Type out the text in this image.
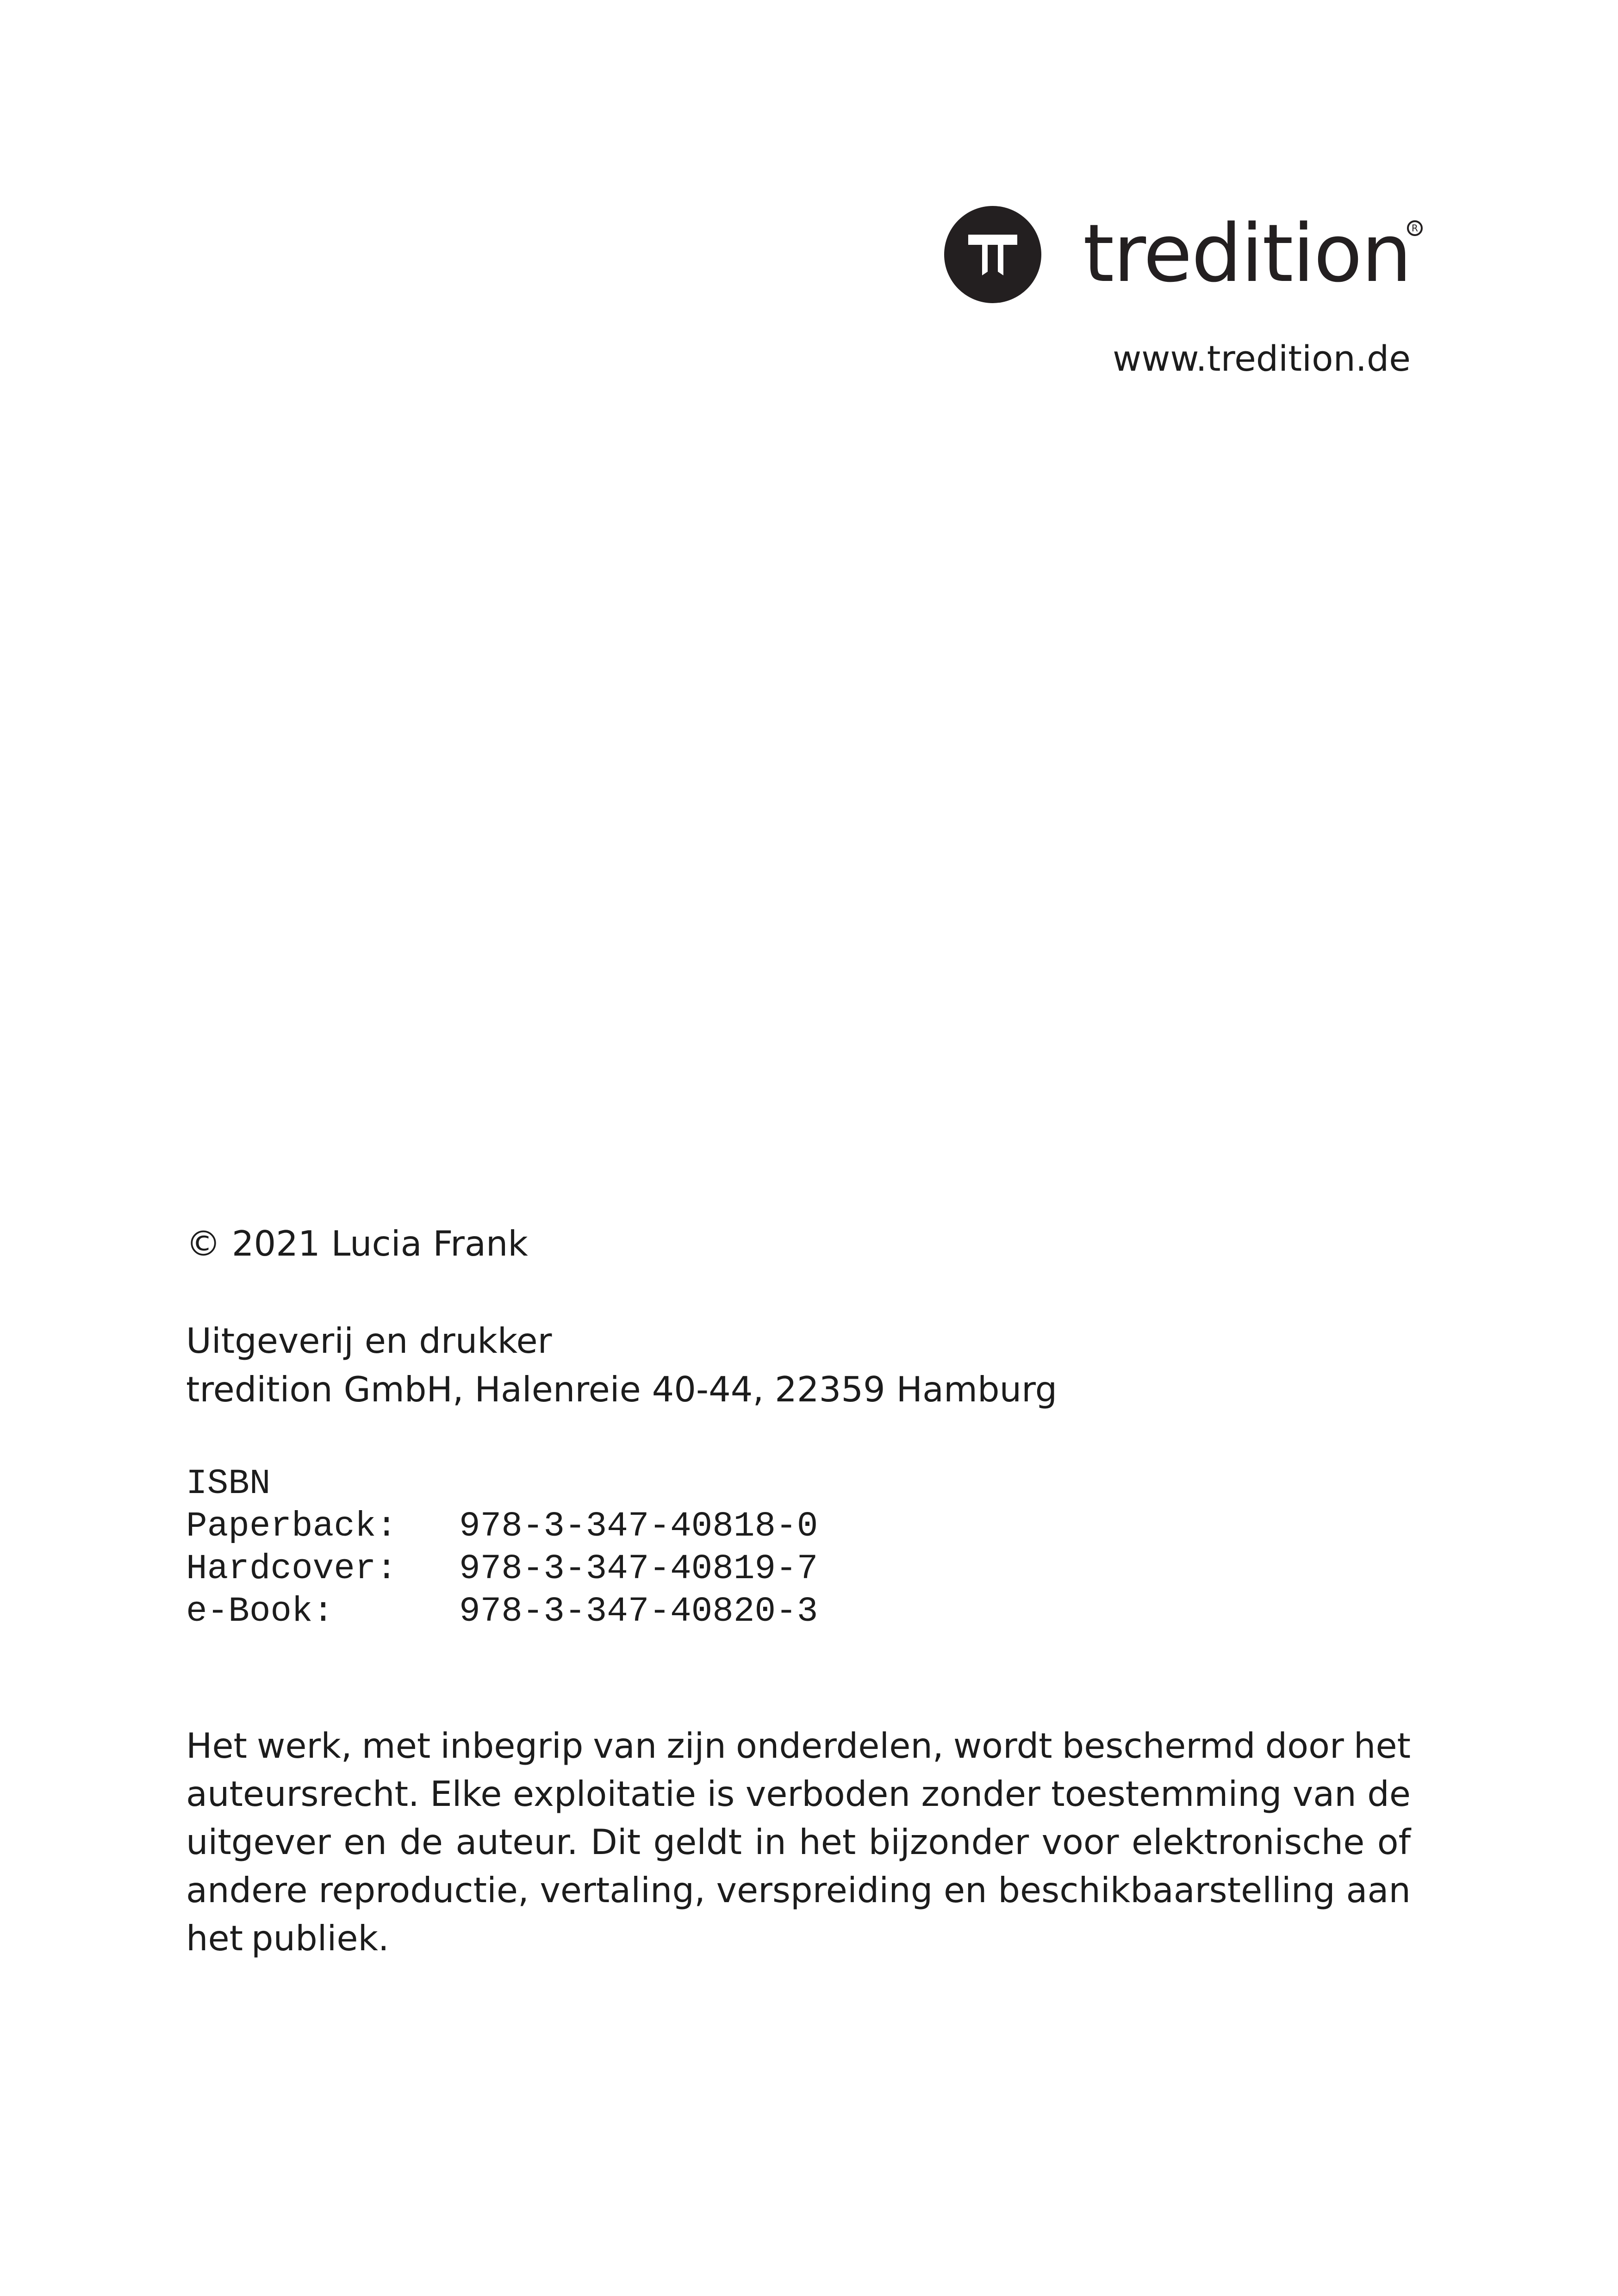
tredition R
www.tredition.de
© 2021 Lucia Frank
Uitgeverij en drukker
tredition GmbH, Halenreie 40-44, 22359 Hamburg
ISBN
Paperback:	978-3-347-40818-0
Hardcover:	978-3-347-40819-7
e-Book:	978-3-347-40820-3

Het werk, met inbegrip van zijn onderdelen, wordt beschermd door het auteursrecht. Elke exploitatie is verboden zonder toestemming van de uitgever en de auteur. Dit geldt in het bijzonder voor elektronische of andere reproductie, vertaling, verspreiding en beschikbaarstelling aan het publiek.
